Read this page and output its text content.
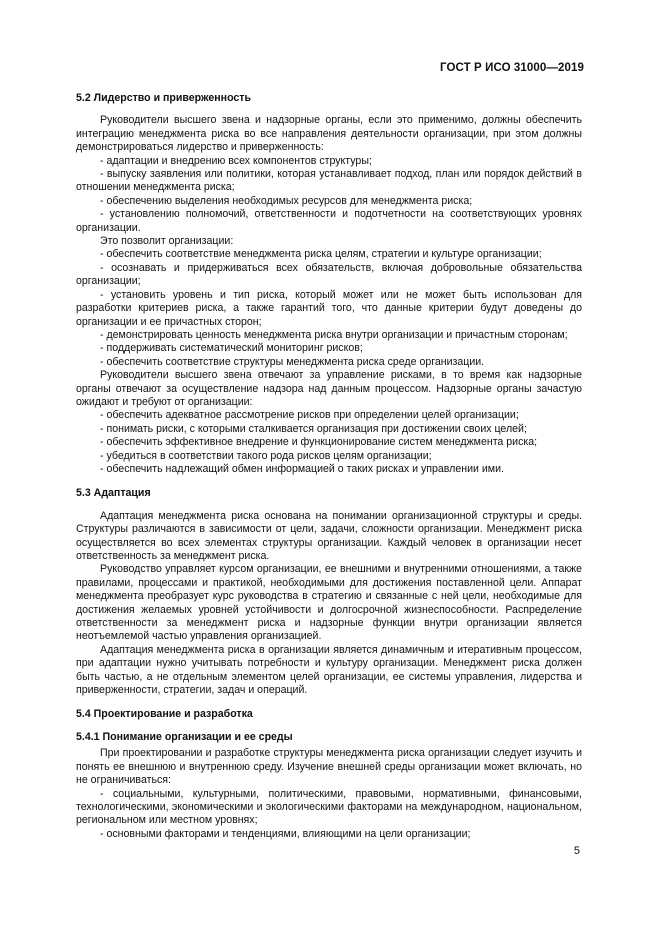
ГОСТ Р ИСО 31000—2019
5.2 Лидерство и приверженность

Руководители высшего звена и надзорные органы, если это применимо, должны обеспечить интеграцию менеджмента риска во все направления деятельности организации, при этом должны демонстрироваться лидерство и приверженность:

- адаптации и внедрению всех компонентов структуры;

- выпуску заявления или политики, которая устанавливает подход, план или порядок действий в отношении менеджмента риска;

- обеспечению выделения необходимых ресурсов для менеджмента риска;

- установлению полномочий, ответственности и подотчетности на соответствующих уровнях организации.

Это позволит организации:

- обеспечить соответствие менеджмента риска целям, стратегии и культуре организации;

- осознавать и придерживаться всех обязательств, включая добровольные обязательства организации;

- установить уровень и тип риска, который может или не может быть использован для разработки критериев риска, а также гарантий того, что данные критерии будут доведены до организации и ее причастных сторон;

- демонстрировать ценность менеджмента риска внутри организации и причастным сторонам;

- поддерживать систематический мониторинг рисков;

- обеспечить соответствие структуры менеджмента риска среде организации.

Руководители высшего звена отвечают за управление рисками, в то время как надзорные органы отвечают за осуществление надзора над данным процессом. Надзорные органы зачастую ожидают и требуют от организации:

- обеспечить адекватное рассмотрение рисков при определении целей организации;

- понимать риски, с которыми сталкивается организация при достижении своих целей;

- обеспечить эффективное внедрение и функционирование систем менеджмента риска;

- убедиться в соответствии такого рода рисков целям организации;

- обеспечить надлежащий обмен информацией о таких рисках и управлении ими.

5.3 Адаптация

Адаптация менеджмента риска основана на понимании организационной структуры и среды. Структуры различаются в зависимости от цели, задачи, сложности организации. Менеджмент риска осуществляется во всех элементах структуры организации. Каждый человек в организации несет ответственность за менеджмент риска.

Руководство управляет курсом организации, ее внешними и внутренними отношениями, а также правилами, процессами и практикой, необходимыми для достижения поставленной цели. Аппарат менеджмента преобразует курс руководства в стратегию и связанные с ней цели, необходимые для достижения желаемых уровней устойчивости и долгосрочной жизнеспособности. Распределение ответственности за менеджмент риска и надзорные функции внутри организации является неотъемлемой частью управления организацией.

Адаптация менеджмента риска в организации является динамичным и итеративным процессом, при адаптации нужно учитывать потребности и культуру организации. Менеджмент риска должен быть частью, а не отдельным элементом целей организации, ее системы управления, лидерства и приверженности, стратегии, задач и операций.

5.4 Проектирование и разработка
5.4.1 Понимание организации и ее среды

При проектировании и разработке структуры менеджмента риска организации следует изучить и понять ее внешнюю и внутреннюю среду. Изучение внешней среды организации может включать, но не ограничиваться:

- социальными, культурными, политическими, правовыми, нормативными, финансовыми, технологическими, экономическими и экологическими факторами на международном, национальном, региональном или местном уровнях;

- основными факторами и тенденциями, влияющими на цели организации;

5
